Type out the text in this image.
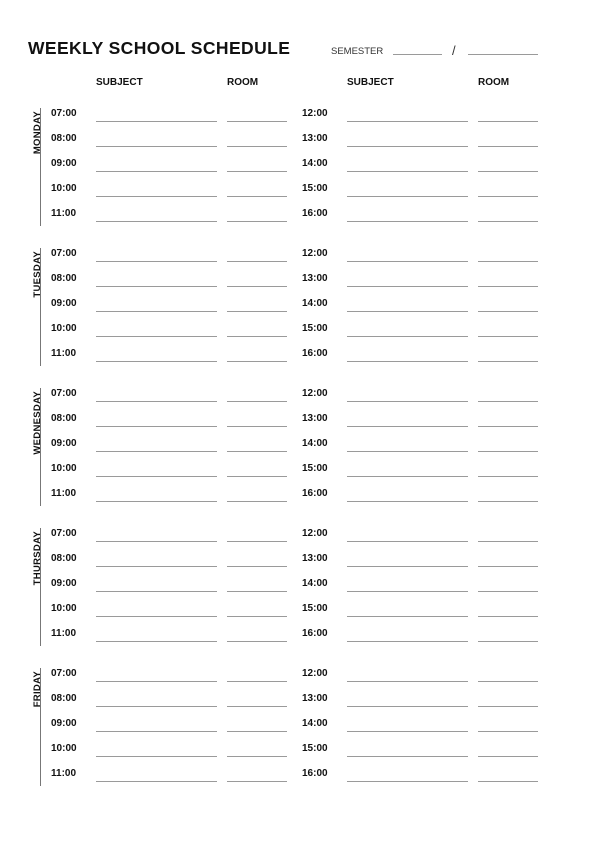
WEEKLY SCHOOL SCHEDULE	SEMESTER	/
SUBJECT	ROOM	SUBJECT	ROOM
MONDAY 07:00	12:00
08:00	13:00
09:00	14:00
10:00	15:00
11:00	16:00
TUESDAY 07:00	12:00
08:00	13:00
09:00	14:00
10:00	15:00
11:00	16:00
WEDNESDAY 07:00	12:00
08:00	13:00
09:00	14:00
10:00	15:00
11:00	16:00
THURSDAY 07:00	12:00
08:00	13:00
09:00	14:00
10:00	15:00
11:00	16:00
FRIDAY 07:00	12:00
08:00	13:00
09:00	14:00
10:00	15:00
11:00	16:00
